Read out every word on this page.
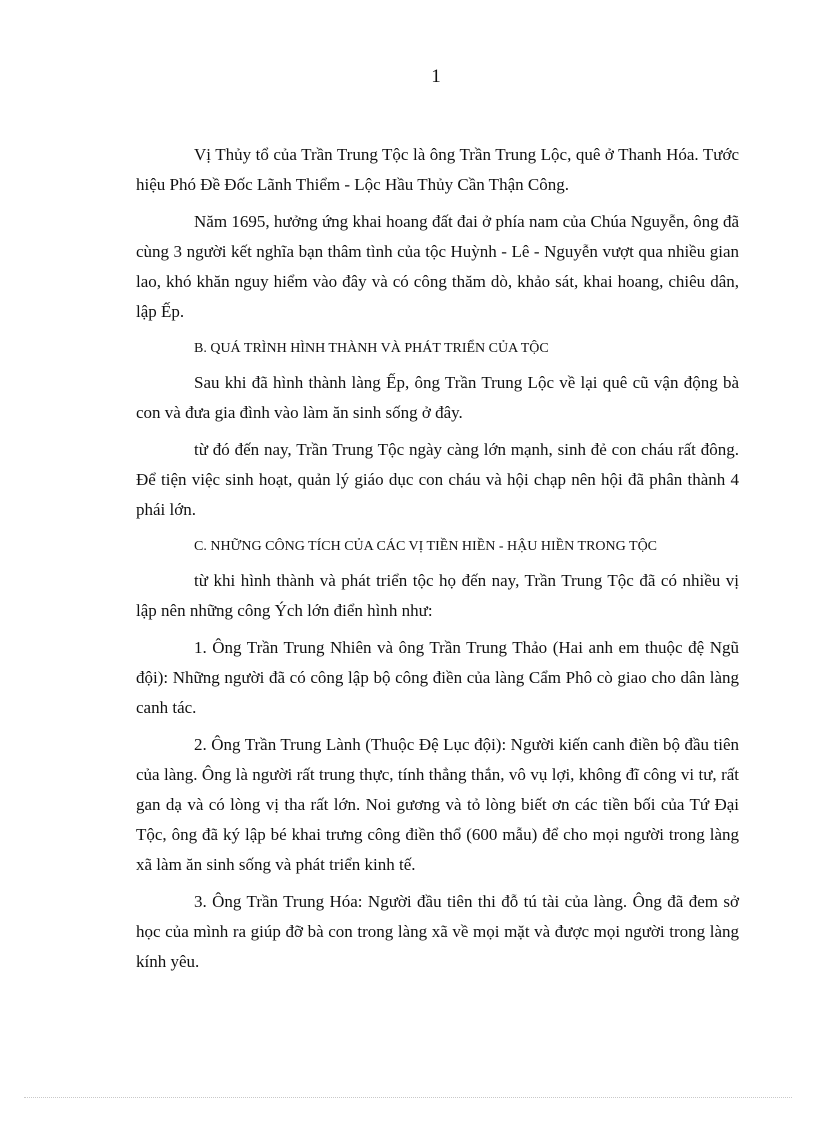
1

Vị Thủy tổ của Trần Trung Tộc là ông Trần Trung Lộc, quê ở Thanh Hóa. Tước hiệu Phó Đề Đốc Lãnh Thiểm - Lộc Hầu Thủy Cần Thận Công.

Năm 1695, hưởng ứng khai hoang đất đai ở phía nam của Chúa Nguyễn, ông đã cùng 3 người kết nghĩa bạn thâm tình của tộc Huỳnh - Lê - Nguyễn vượt qua nhiều gian lao, khó khăn nguy hiểm vào đây và có công thăm dò, khảo sát, khai hoang, chiêu dân, lập Ếp.

B. QUÁ TRÌNH HÌNH THÀNH VÀ PHÁT TRIỂN CỦA TỘC

Sau khi đã hình thành làng Ếp, ông Trần Trung Lộc về lại quê cũ vận động bà con và đưa gia đình vào làm ăn sinh sống ở đây.

từ đó đến nay, Trần Trung Tộc ngày càng lớn mạnh, sinh đẻ con cháu rất đông. Để tiện việc sinh hoạt, quản lý giáo dục con cháu và hội chạp nên hội đã phân thành 4 phái lớn.

C. NHỮNG CÔNG TÍCH CỦA CÁC VỊ TIỀN HIỀN - HẬU HIỀN TRONG TỘC

từ khi hình thành và phát triển tộc họ đến nay, Trần Trung Tộc đã có nhiều vị lập nên những công Ých lớn điển hình như:

1. Ông Trần Trung Nhiên và ông Trần Trung Thảo (Hai anh em thuộc đệ Ngũ đội): Những người đã có công lập bộ công điền của làng Cẩm Phô cò giao cho dân làng canh tác.

2. Ông Trần Trung Lành (Thuộc Đệ Lục đội): Người kiến canh điền bộ đầu tiên của làng. Ông là người rất trung thực, tính thẳng thắn, vô vụ lợi, không đĩ công vi tư, rất gan dạ và có lòng vị tha rất lớn. Noi gương và tỏ lòng biết ơn các tiền bối của Tứ Đại Tộc, ông đã ký lập bé khai trưng công điền thổ (600 mẫu) để cho mọi người trong làng xã làm ăn sinh sống và phát triển kinh tế.

3. Ông Trần Trung Hóa: Người đầu tiên thi đỗ tú tài của làng. Ông đã đem sở học của mình ra giúp đỡ bà con trong làng xã về mọi mặt và được mọi người trong làng kính yêu.
